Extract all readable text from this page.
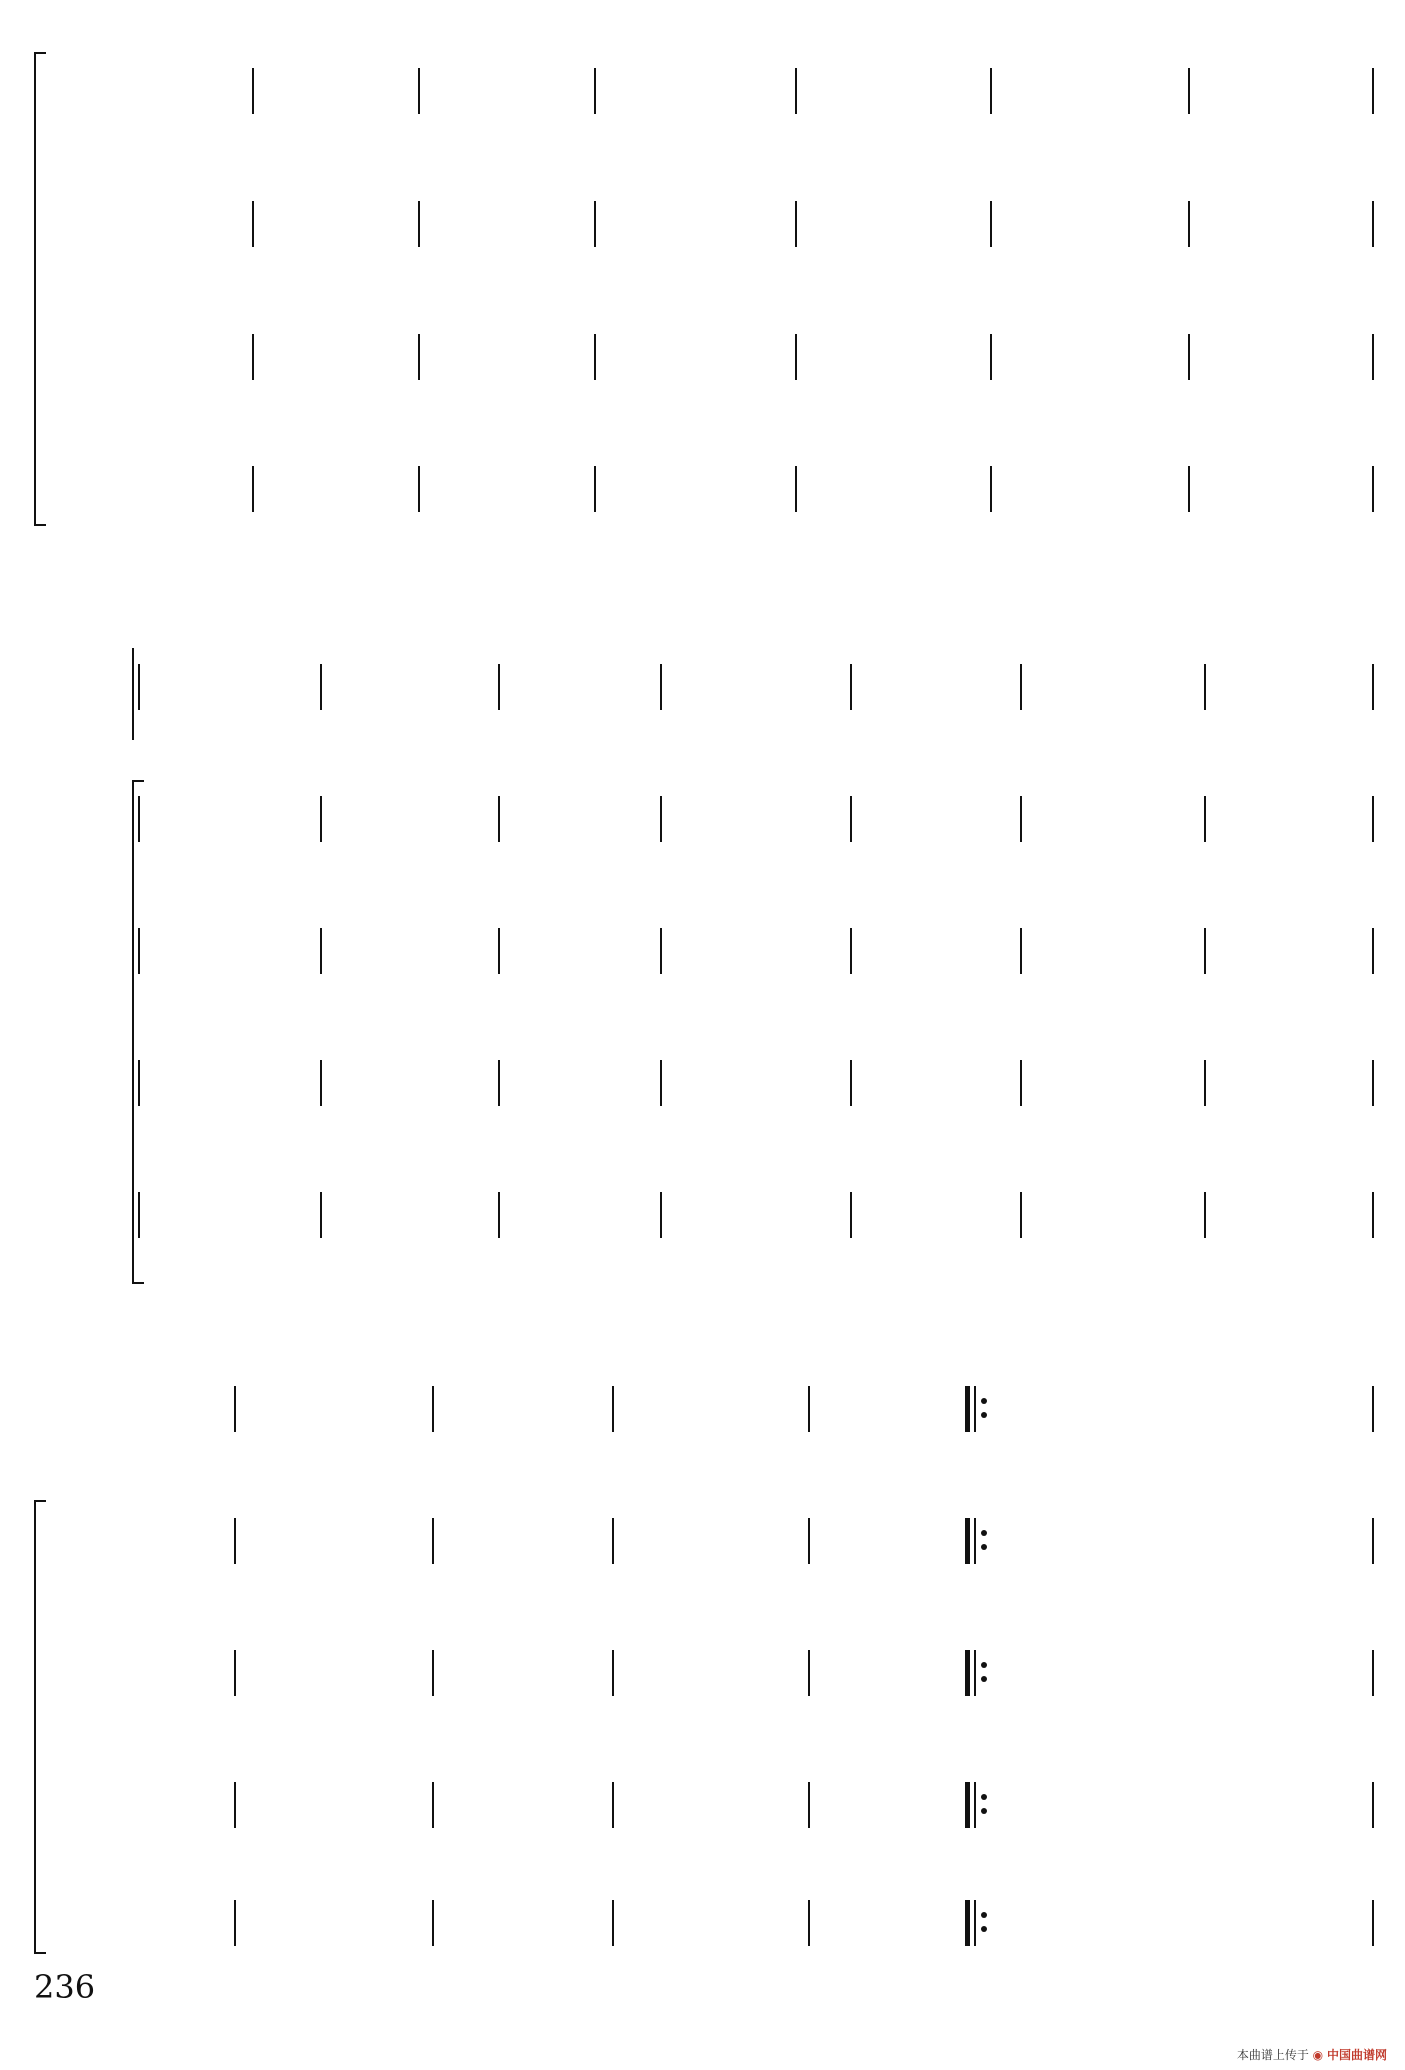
236
本曲谱上传于 ◉ 中国曲谱网
